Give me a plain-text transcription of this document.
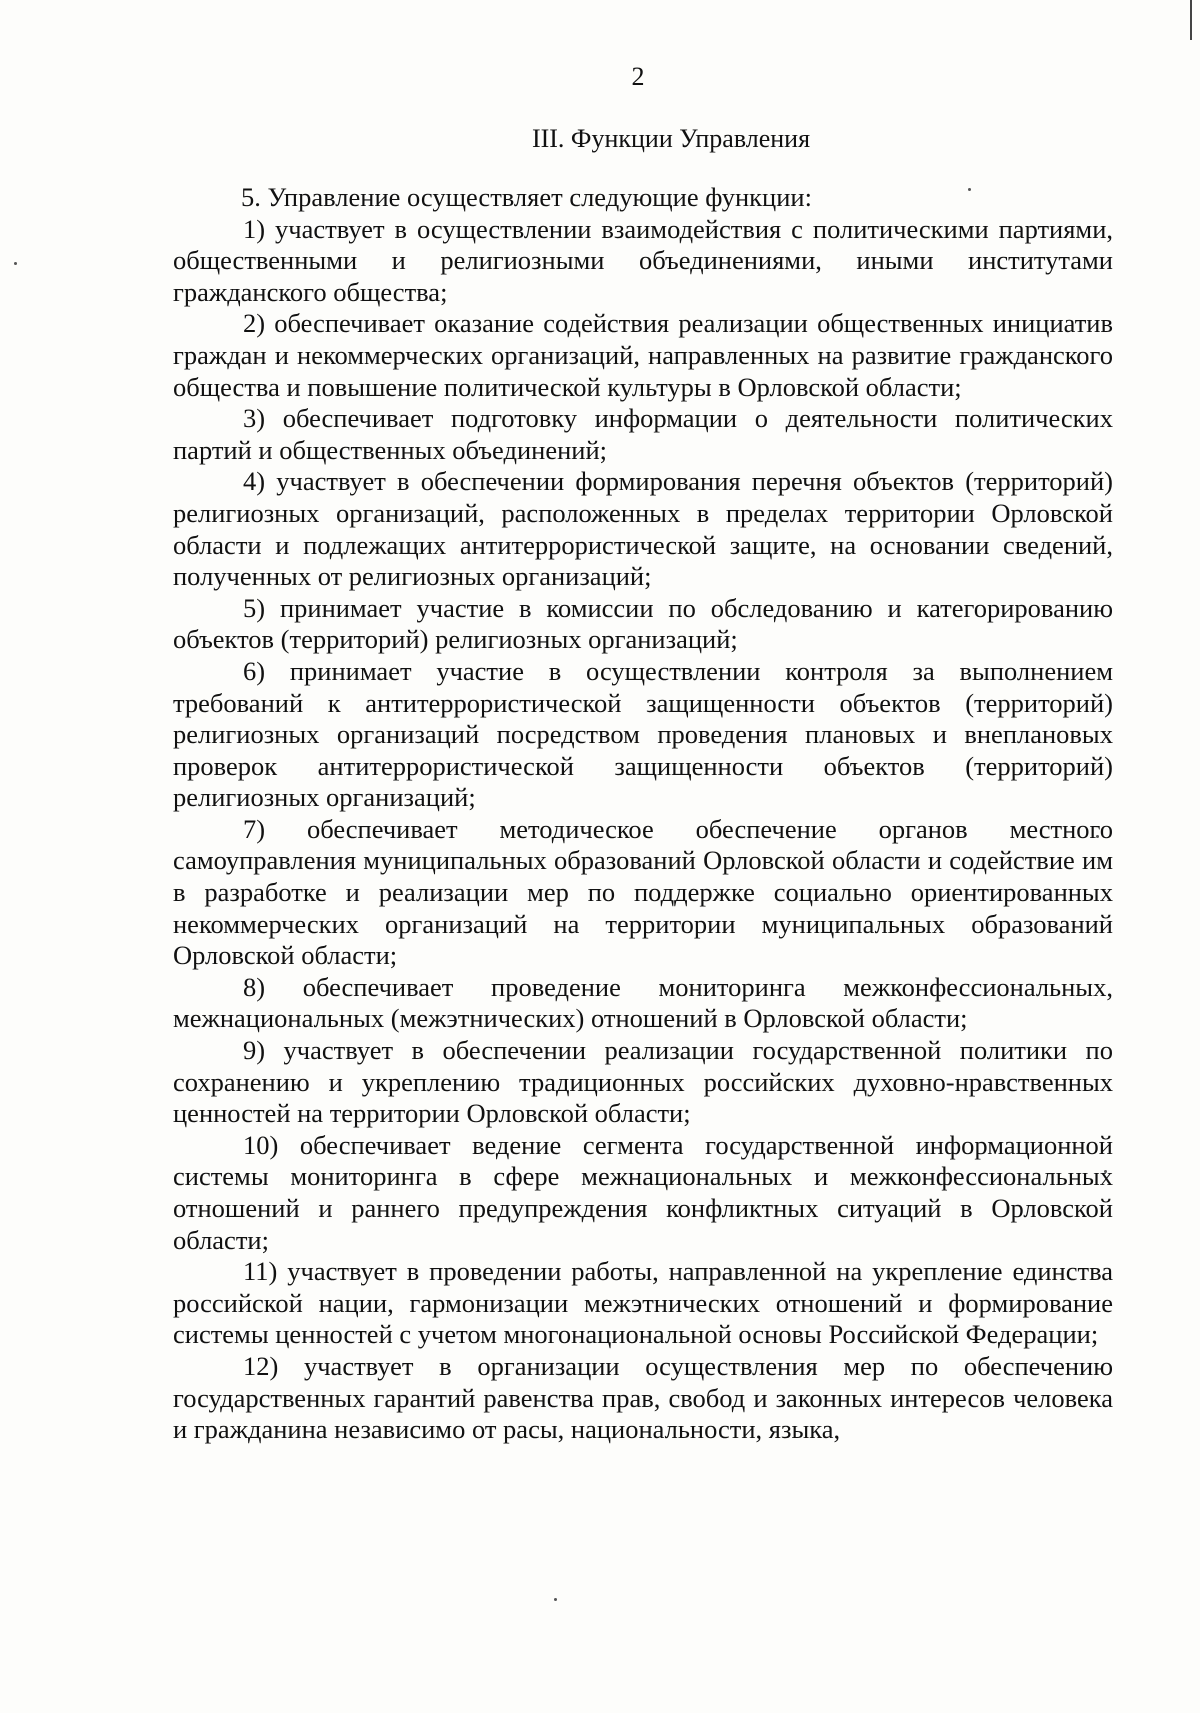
2
III. Функции Управления

5. Управление осуществляет следующие функции:

1) участвует в осуществлении взаимодействия с политическими партиями, общественными и религиозными объединениями, иными институтами гражданского общества;

2) обеспечивает оказание содействия реализации общественных инициатив граждан и некоммерческих организаций, направленных на развитие гражданского общества и повышение политической культуры в Орловской области;

3) обеспечивает подготовку информации о деятельности политических партий и общественных объединений;

4) участвует в обеспечении формирования перечня объектов (территорий) религиозных организаций, расположенных в пределах территории Орловской области и подлежащих антитеррористической защите, на основании сведений, полученных от религиозных организаций;

5) принимает участие в комиссии по обследованию и категорированию объектов (территорий) религиозных организаций;

6) принимает участие в осуществлении контроля за выполнением требований к антитеррористической защищенности объектов (территорий) религиозных организаций посредством проведения плановых и внеплановых проверок антитеррористической защищенности объектов (территорий) религиозных организаций;

7) обеспечивает методическое обеспечение органов местного самоуправления муниципальных образований Орловской области и содействие им в разработке и реализации мер по поддержке социально ориентированных некоммерческих организаций на территории муниципальных образований Орловской области;

8) обеспечивает проведение мониторинга межконфессиональных, межнациональных (межэтнических) отношений в Орловской области;

9) участвует в обеспечении реализации государственной политики по сохранению и укреплению традиционных российских духовно-нравственных ценностей на территории Орловской области;

10) обеспечивает ведение сегмента государственной информационной системы мониторинга в сфере межнациональных и межконфессиональных отношений и раннего предупреждения конфликтных ситуаций в Орловской области;

11) участвует в проведении работы, направленной на укрепление единства российской нации, гармонизации межэтнических отношений и формирование системы ценностей с учетом многонациональной основы Российской Федерации;

12) участвует в организации осуществления мер по обеспечению государственных гарантий равенства прав, свобод и законных интересов человека и гражданина независимо от расы, национальности, языка,
